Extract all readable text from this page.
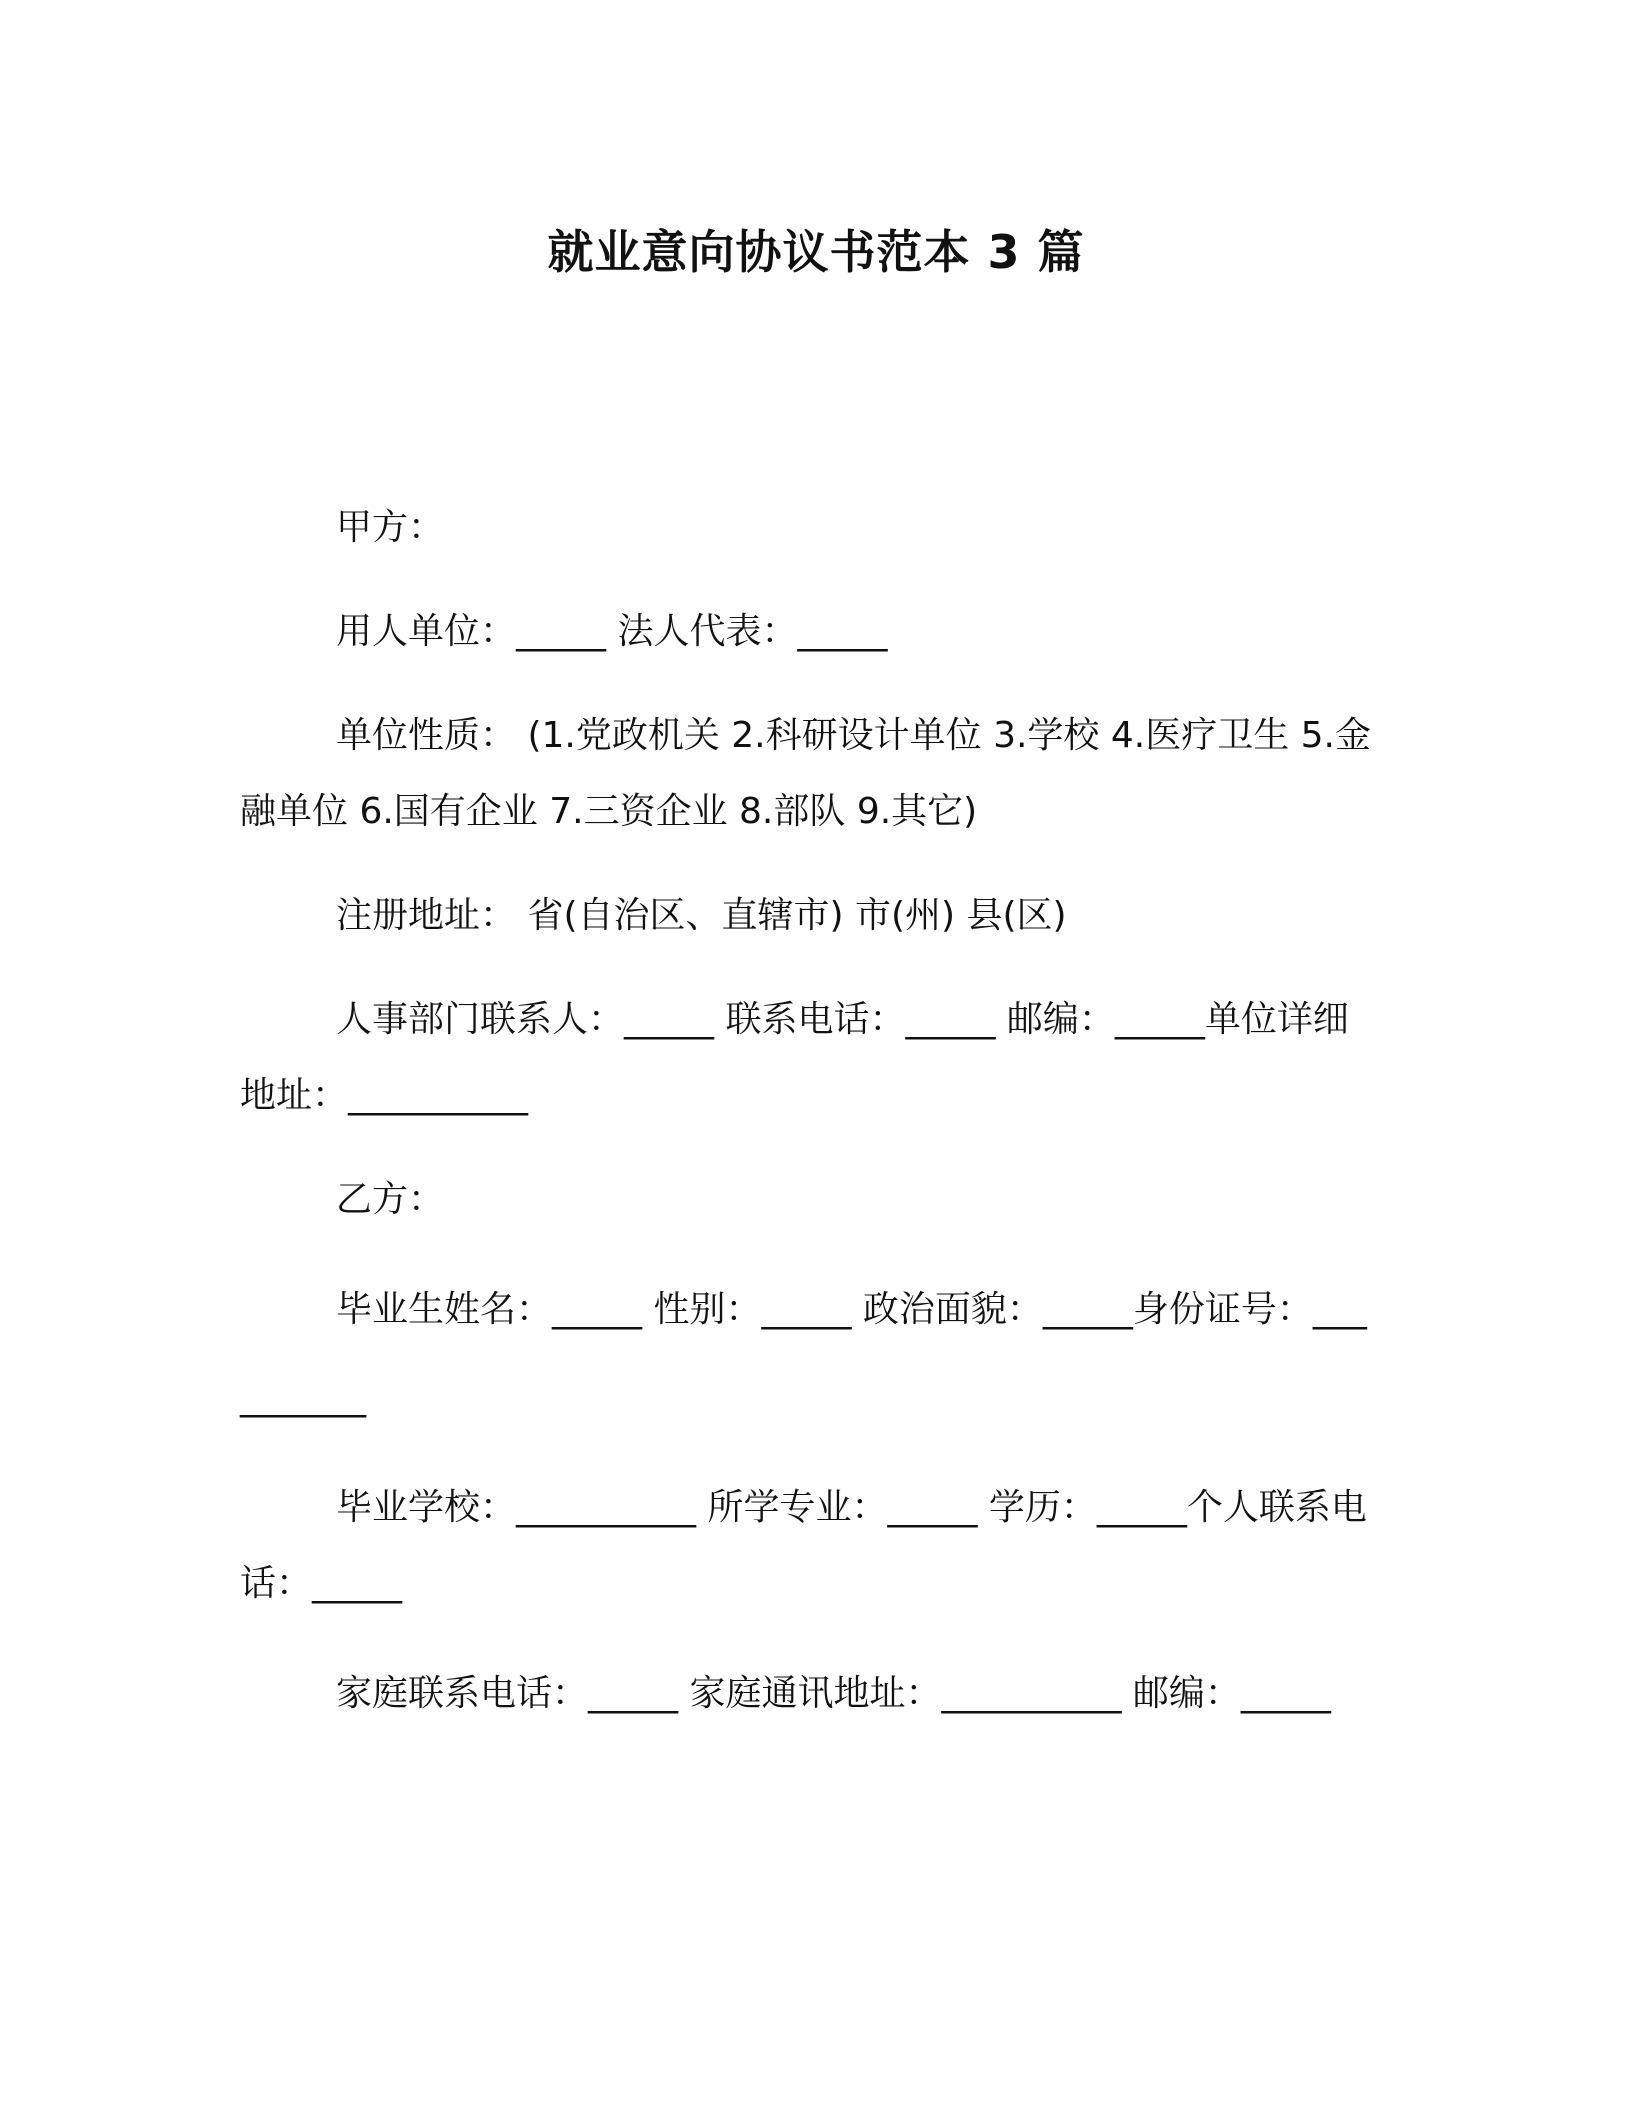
就业意向协议书范本 3 篇

甲方：

用人单位：_____ 法人代表：_____

单位性质： (1.党政机关 2.科研设计单位 3.学校 4.医疗卫生 5.金融单位 6.国有企业 7.三资企业 8.部队 9.其它)

注册地址： 省(自治区、直辖市) 市(州) 县(区)

人事部门联系人：_____ 联系电话：_____ 邮编：_____单位详细地址：__________

乙方：

毕业生姓名：_____ 性别：_____ 政治面貌：_____身份证号：__________

毕业学校：__________ 所学专业：_____ 学历：_____个人联系电话：_____

家庭联系电话：_____ 家庭通讯地址：__________ 邮编：_____
